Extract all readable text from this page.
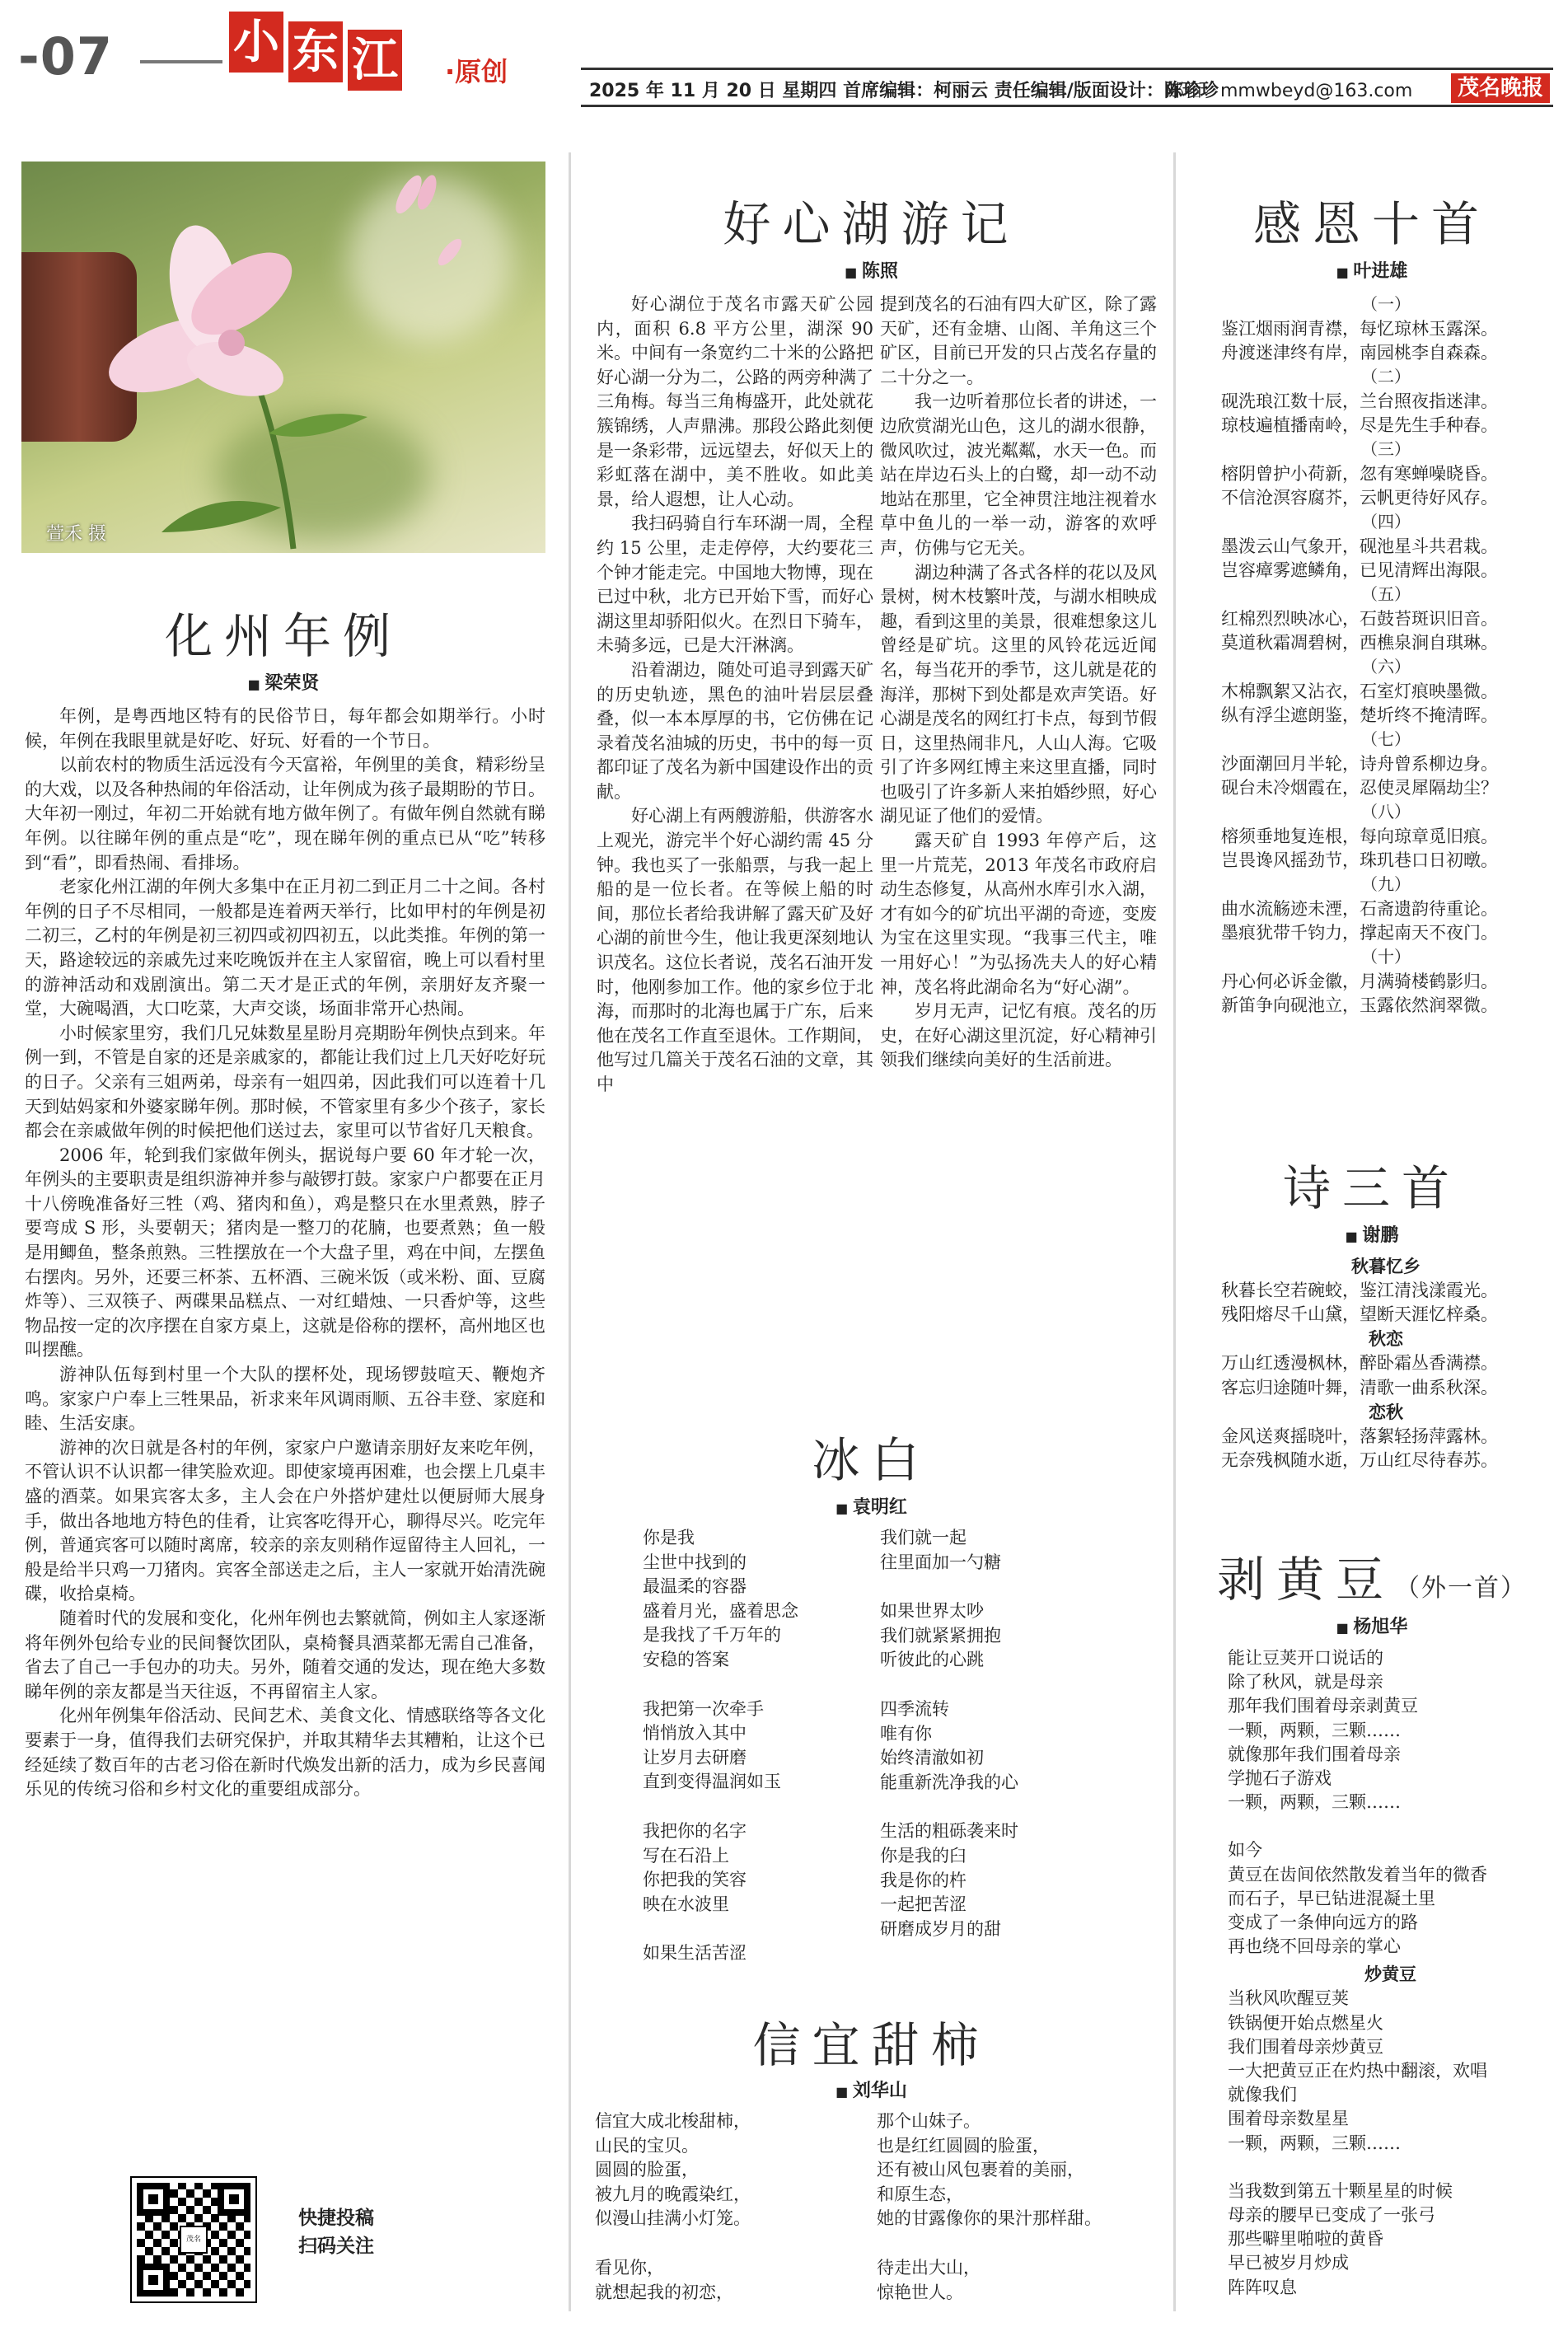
-07	小 东 江	·原创
2025 年 11 月 20 日 星期四 首席编辑：柯丽云 责任编辑/版面设计：陈珍珍
邮箱：mmwbeyd@163.com	茂名晚报
萱禾 摄
化州年例
■ 梁荣贤

年例，是粤西地区特有的民俗节日，每年都会如期举行。小时候，年例在我眼里就是好吃、好玩、好看的一个节日。

以前农村的物质生活远没有今天富裕，年例里的美食，精彩纷呈的大戏，以及各种热闹的年俗活动，让年例成为孩子最期盼的节日。大年初一刚过，年初二开始就有地方做年例了。有做年例自然就有睇年例。以往睇年例的重点是“吃”，现在睇年例的重点已从“吃”转移到“看”，即看热闹、看排场。

老家化州江湖的年例大多集中在正月初二到正月二十之间。各村年例的日子不尽相同，一般都是连着两天举行，比如甲村的年例是初二初三，乙村的年例是初三初四或初四初五，以此类推。年例的第一天，路途较远的亲戚先过来吃晚饭并在主人家留宿，晚上可以看村里的游神活动和戏剧演出。第二天才是正式的年例，亲朋好友齐聚一堂，大碗喝酒，大口吃菜，大声交谈，场面非常开心热闹。

小时候家里穷，我们几兄妹数星星盼月亮期盼年例快点到来。年例一到，不管是自家的还是亲戚家的，都能让我们过上几天好吃好玩的日子。父亲有三姐两弟，母亲有一姐四弟，因此我们可以连着十几天到姑妈家和外婆家睇年例。那时候，不管家里有多少个孩子，家长都会在亲戚做年例的时候把他们送过去，家里可以节省好几天粮食。

2006 年，轮到我们家做年例头，据说每户要 60 年才轮一次，年例头的主要职责是组织游神并参与敲锣打鼓。家家户户都要在正月十八傍晚准备好三牲（鸡、猪肉和鱼），鸡是整只在水里煮熟，脖子要弯成 S 形，头要朝天；猪肉是一整刀的花腩，也要煮熟；鱼一般是用鲫鱼，整条煎熟。三牲摆放在一个大盘子里，鸡在中间，左摆鱼右摆肉。另外，还要三杯茶、五杯酒、三碗米饭（或米粉、面、豆腐炸等）、三双筷子、两碟果品糕点、一对红蜡烛、一只香炉等，这些物品按一定的次序摆在自家方桌上，这就是俗称的摆杯，高州地区也叫摆醮。

游神队伍每到村里一个大队的摆杯处，现场锣鼓喧天、鞭炮齐鸣。家家户户奉上三牲果品，祈求来年风调雨顺、五谷丰登、家庭和睦、生活安康。

游神的次日就是各村的年例，家家户户邀请亲朋好友来吃年例，不管认识不认识都一律笑脸欢迎。即使家境再困难，也会摆上几桌丰盛的酒菜。如果宾客太多，主人会在户外搭炉建灶以便厨师大展身手，做出各地地方特色的佳肴，让宾客吃得开心，聊得尽兴。吃完年例，普通宾客可以随时离席，较亲的亲友则稍作逗留待主人回礼，一般是给半只鸡一刀猪肉。宾客全部送走之后，主人一家就开始清洗碗碟，收拾桌椅。

随着时代的发展和变化，化州年例也去繁就简，例如主人家逐渐将年例外包给专业的民间餐饮团队，桌椅餐具酒菜都无需自己准备，省去了自己一手包办的功夫。另外，随着交通的发达，现在绝大多数睇年例的亲友都是当天往返，不再留宿主人家。

化州年例集年俗活动、民间艺术、美食文化、情感联络等各文化要素于一身，值得我们去研究保护，并取其精华去其糟粕，让这个已经延续了数百年的古老习俗在新时代焕发出新的活力，成为乡民喜闻乐见的传统习俗和乡村文化的重要组成部分。

茂名
快捷投稿
扫码关注
好心湖游记
■ 陈照

好心湖位于茂名市露天矿公园内，面积 6.8 平方公里，湖深 90 米。中间有一条宽约二十米的公路把好心湖一分为二，公路的两旁种满了三角梅。每当三角梅盛开，此处就花簇锦绣，人声鼎沸。那段公路此刻便是一条彩带，远远望去，好似天上的彩虹落在湖中，美不胜收。如此美景，给人遐想，让人心动。

我扫码骑自行车环湖一周，全程约 15 公里，走走停停，大约要花三个钟才能走完。中国地大物博，现在已过中秋，北方已开始下雪，而好心湖这里却骄阳似火。在烈日下骑车，未骑多远，已是大汗淋漓。

沿着湖边，随处可追寻到露天矿的历史轨迹，黑色的油叶岩层层叠叠，似一本本厚厚的书，它仿佛在记录着茂名油城的历史，书中的每一页都印证了茂名为新中国建设作出的贡献。

好心湖上有两艘游船，供游客水上观光，游完半个好心湖约需 45 分钟。我也买了一张船票，与我一起上船的是一位长者。在等候上船的时间，那位长者给我讲解了露天矿及好心湖的前世今生，他让我更深刻地认识茂名。这位长者说，茂名石油开发时，他刚参加工作。他的家乡位于北海，而那时的北海也属于广东，后来他在茂名工作直至退休。工作期间，他写过几篇关于茂名石油的文章，其中

提到茂名的石油有四大矿区，除了露天矿，还有金塘、山阁、羊角这三个矿区，目前已开发的只占茂名存量的二十分之一。

我一边听着那位长者的讲述，一边欣赏湖光山色，这儿的湖水很静，微风吹过，波光粼粼，水天一色。而站在岸边石头上的白鹭，却一动不动地站在那里，它全神贯注地注视着水草中鱼儿的一举一动，游客的欢呼声，仿佛与它无关。

湖边种满了各式各样的花以及风景树，树木枝繁叶茂，与湖水相映成趣，看到这里的美景，很难想象这儿曾经是矿坑。这里的风铃花远近闻名，每当花开的季节，这儿就是花的海洋，那树下到处都是欢声笑语。好心湖是茂名的网红打卡点，每到节假日，这里热闹非凡，人山人海。它吸引了许多网红博主来这里直播，同时也吸引了许多新人来拍婚纱照，好心湖见证了他们的爱情。

露天矿自 1993 年停产后，这里一片荒芜，2013 年茂名市政府启动生态修复，从高州水库引水入湖，才有如今的矿坑出平湖的奇迹，变废为宝在这里实现。“我事三代主，唯一用好心！”为弘扬冼夫人的好心精神，茂名将此湖命名为“好心湖”。

岁月无声，记忆有痕。茂名的历史，在好心湖这里沉淀，好心精神引领我们继续向美好的生活前进。

冰白
■ 袁明红
你是我
尘世中找到的
最温柔的容器
盛着月光，盛着思念
是我找了千万年的
安稳的答案
我把第一次牵手
悄悄放入其中
让岁月去研磨
直到变得温润如玉
我把你的名字
写在石沿上
你把我的笑容
映在水波里
如果生活苦涩
我们就一起
往里面加一勺糖
如果世界太吵
我们就紧紧拥抱
听彼此的心跳
四季流转
唯有你
始终清澈如初
能重新洗净我的心
生活的粗砾袭来时
你是我的臼
我是你的杵
一起把苦涩
研磨成岁月的甜
信宜甜柿
■ 刘华山
信宜大成北梭甜柿，
山民的宝贝。
圆圆的脸蛋，
被九月的晚霞染红，
似漫山挂满小灯笼。
看见你，
就想起我的初恋，
那个山妹子。
也是红红圆圆的脸蛋，
还有被山风包裹着的美丽，
和原生态，
她的甘露像你的果汁那样甜。
待走出大山，
惊艳世人。
感恩十首
■ 叶进雄
（一）
鉴江烟雨润青襟，每忆琼林玉露深。
舟渡迷津终有岸，南园桃李自森森。
（二）
砚洗琅江数十辰，兰台照夜指迷津。
琼枝遍植播南岭，尽是先生手种春。
（三）
榕阴曾护小荷新，忽有寒蝉噪晓昏。
不信沧溟容腐芥，云帆更待好风存。
（四）
墨泼云山气象开，砚池星斗共君栽。
岂容瘴雾遮鳞角，已见清辉出海限。
（五）
红棉烈烈映冰心，石鼓苔斑识旧音。
莫道秋霜凋碧树，西樵泉涧自琪琳。
（六）
木棉飘絮又沾衣，石室灯痕映墨微。
纵有浮尘遮朗鉴，楚圻终不掩清晖。
（七）
沙面潮回月半轮，诗舟曾系柳边身。
砚台未冷烟霞在，忍使灵犀隔劫尘？
（八）
榕须垂地复连根，每向琼章觅旧痕。
岂畏谗风摇劲节，珠玑巷口日初暾。
（九）
曲水流觞迹未湮，石斋遗韵待重论。
墨痕犹带千钧力，撑起南天不夜门。
（十）
丹心何必诉金徽，月满骑楼鹤影归。
新笛争向砚池立，玉露依然润翠微。
诗三首
■ 谢鹏
秋暮忆乡
秋暮长空若碗蛟，鉴江清浅漾霞光。
残阳熔尽千山黛，望断天涯忆梓桑。
秋恋
万山红透漫枫林，醉卧霜丛香满襟。
客忘归途随叶舞，清歌一曲系秋深。
恋秋
金风送爽摇晓叶，落絮轻扬萍露林。
无奈残枫随水逝，万山红尽待春苏。
剥黄豆（外一首）
■ 杨旭华
能让豆荚开口说话的
除了秋风，就是母亲
那年我们围着母亲剥黄豆
一颗，两颗，三颗……
就像那年我们围着母亲
学抛石子游戏
一颗，两颗，三颗……
如今
黄豆在齿间依然散发着当年的微香
而石子，早已钻进混凝土里
变成了一条伸向远方的路
再也绕不回母亲的掌心
炒黄豆
当秋风吹醒豆荚
铁锅便开始点燃星火
我们围着母亲炒黄豆
一大把黄豆正在灼热中翻滚，欢唱
就像我们
围着母亲数星星
一颗，两颗，三颗……
当我数到第五十颗星星的时候
母亲的腰早已变成了一张弓
那些噼里啪啦的黄昏
早已被岁月炒成
阵阵叹息
